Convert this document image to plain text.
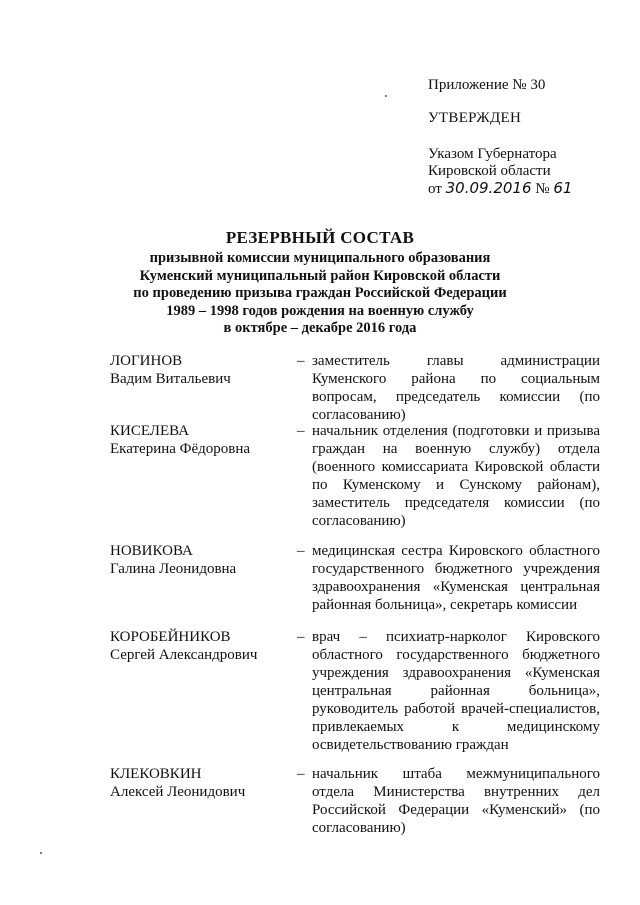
Приложение № 30
УТВЕРЖДЕН
Указом Губернатора
Кировской области
от 30.09.2016 № 61
РЕЗЕРВНЫЙ СОСТАВ
призывной комиссии муниципального образования
Куменский муниципальный район Кировской области
по проведению призыва граждан Российской Федерации
1989 – 1998 годов рождения на военную службу
в октябре – декабре 2016 года
ЛОГИНОВ
Вадим Витальевич
– заместитель главы администрации Куменского района по социальным вопросам, председатель комиссии (по согласованию)
КИСЕЛЕВА
Екатерина Фёдоровна
– начальник отделения (подготовки и призыва граждан на военную службу) отдела (военного комиссариата Кировской области по Куменскому и Сунскому районам), заместитель председателя комиссии (по согласованию)
НОВИКОВА
Галина Леонидовна
– медицинская сестра Кировского областного государственного бюджетного учреждения здравоохранения «Куменская центральная районная больница», секретарь комиссии
КОРОБЕЙНИКОВ
Сергей Александрович
– врач – психиатр-нарколог Кировского областного государственного бюджетного учреждения здравоохранения «Куменская центральная районная больница», руководитель работой врачей-специалистов, привлекаемых к медицинскому освидетельствованию граждан
КЛЕКОВКИН
Алексей Леонидович
– начальник штаба межмуниципального отдела Министерства внутренних дел Российской Федерации «Куменский» (по согласованию)
